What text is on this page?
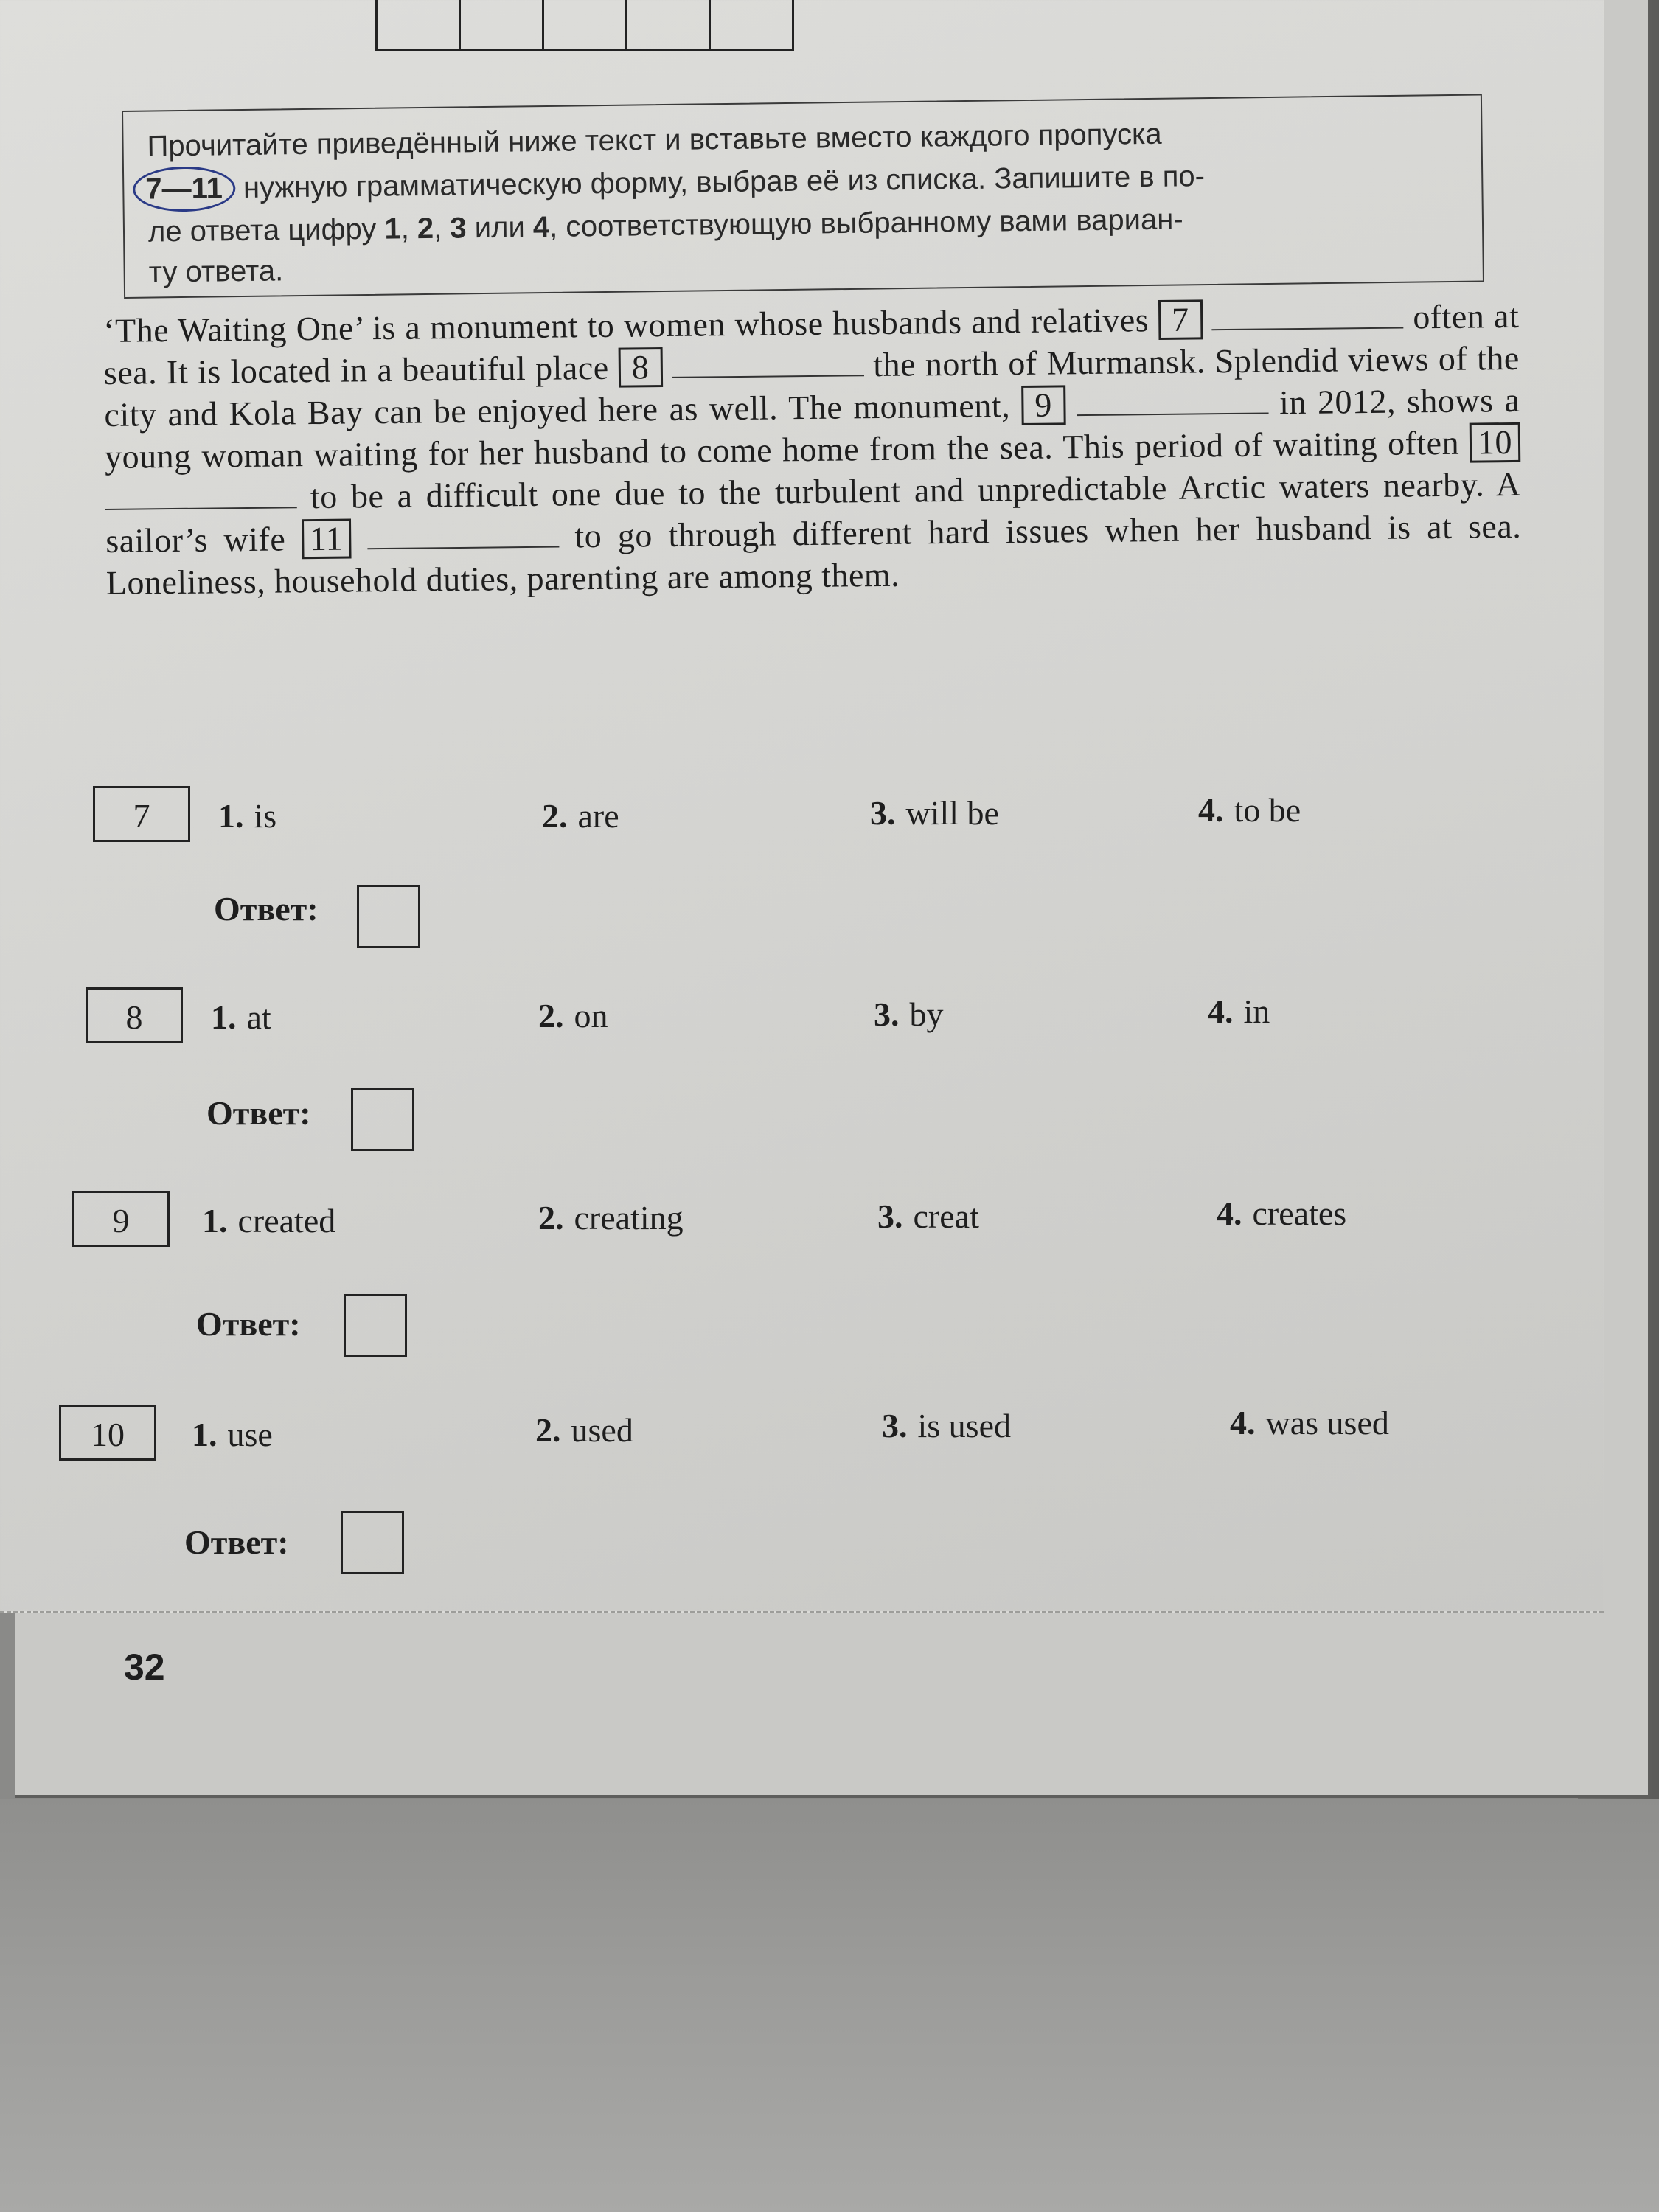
Прочитайте приведённый ниже текст и вставьте вместо каждого пропуска
7—11 нужную грамматическую форму, выбрав её из списка. Запишите в по-
ле ответа цифру 1, 2, 3 или 4, соответствующую выбранному вами вариан-
ту ответа.
‘The Waiting One’ is a monument to women whose husbands and relatives 7	often at sea. It is located in a beautiful place 8	the north of Murmansk. Splendid views of the city and Kola Bay can be enjoyed here as well. The monument, 9	in 2012, shows a young woman waiting for her husband to come home from the sea. This period of waiting often 10  to be a difficult one due to the turbulent and unpredictable Arctic waters nearby. A sailor’s wife 11	to go through different hard issues when her husband is at sea. Loneliness, household duties, parenting are among them.
7	1. is	2. are	3. will be	4. to be
Ответ:
8	1. at	2. on	3. by	4. in
Ответ:
9	1. created	2. creating	3. creat	4. creates
Ответ:
10	1. use	2. used	3. is used	4. was used
Ответ:
32
